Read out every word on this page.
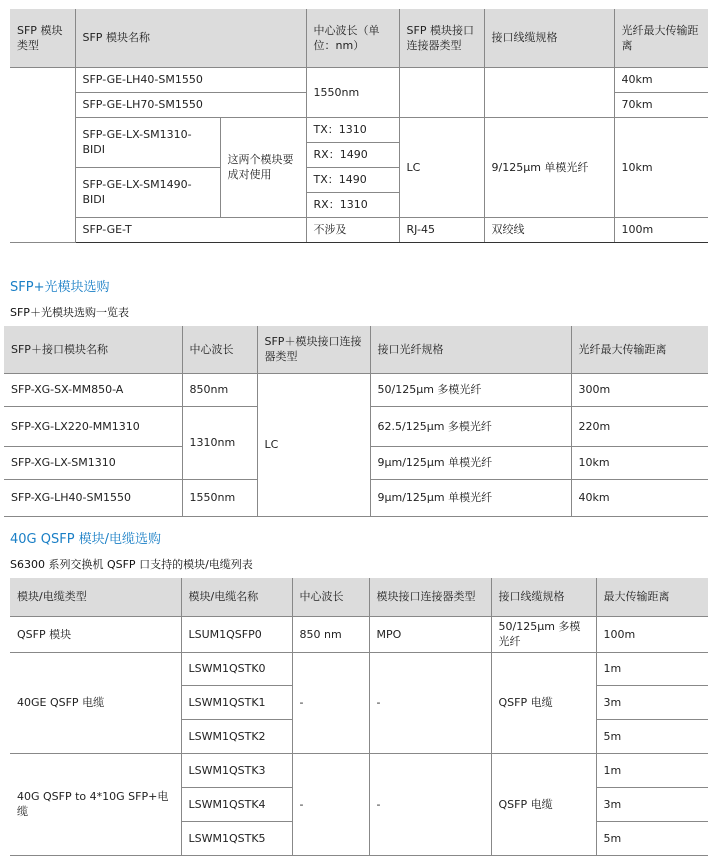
SFP 模块类型	SFP 模块名称		中心波长（单位：nm）	SFP 模块接口连接器类型	接口线缆规格	光纤最大传输距离
	SFP-GE-LH40-SM1550		1550nm			40km
	SFP-GE-LH70-SM1550					70km
	SFP-GE-LX-SM1310-BIDI	这两个模块要成对使用	TX：1310	LC	9/125μm 单模光纤	10km
			RX：1490			
	SFP-GE-LX-SM1490-BIDI		TX：1490			
			RX：1310			
	SFP-GE-T		不涉及	RJ-45	双绞线	100m
SFP+光模块选购
SFP＋光模块选购一览表
SFP＋接口模块名称	中心波长	SFP＋模块接口连接器类型	接口光纤规格	光纤最大传输距离
SFP-XG-SX-MM850-A	850nm	LC	50/125μm 多模光纤	300m
SFP-XG-LX220-MM1310	1310nm		62.5/125μm 多模光纤	220m
SFP-XG-LX-SM1310			9μm/125μm 单模光纤	10km
SFP-XG-LH40-SM1550	1550nm		9μm/125μm 单模光纤	40km
40G QSFP 模块/电缆选购
S6300 系列交换机 QSFP 口支持的模块/电缆列表
模块/电缆类型	模块/电缆名称	中心波长	模块接口连接器类型	接口线缆规格	最大传输距离
QSFP 模块	LSUM1QSFP0	850 nm	MPO	50/125μm 多模光纤	100m
40GE QSFP 电缆	LSWM1QSTK0	-	-	QSFP 电缆	1m
	LSWM1QSTK1				3m
	LSWM1QSTK2				5m
40G QSFP to 4*10G SFP+电缆	LSWM1QSTK3	-	-	QSFP 电缆	1m
	LSWM1QSTK4				3m
	LSWM1QSTK5				5m
